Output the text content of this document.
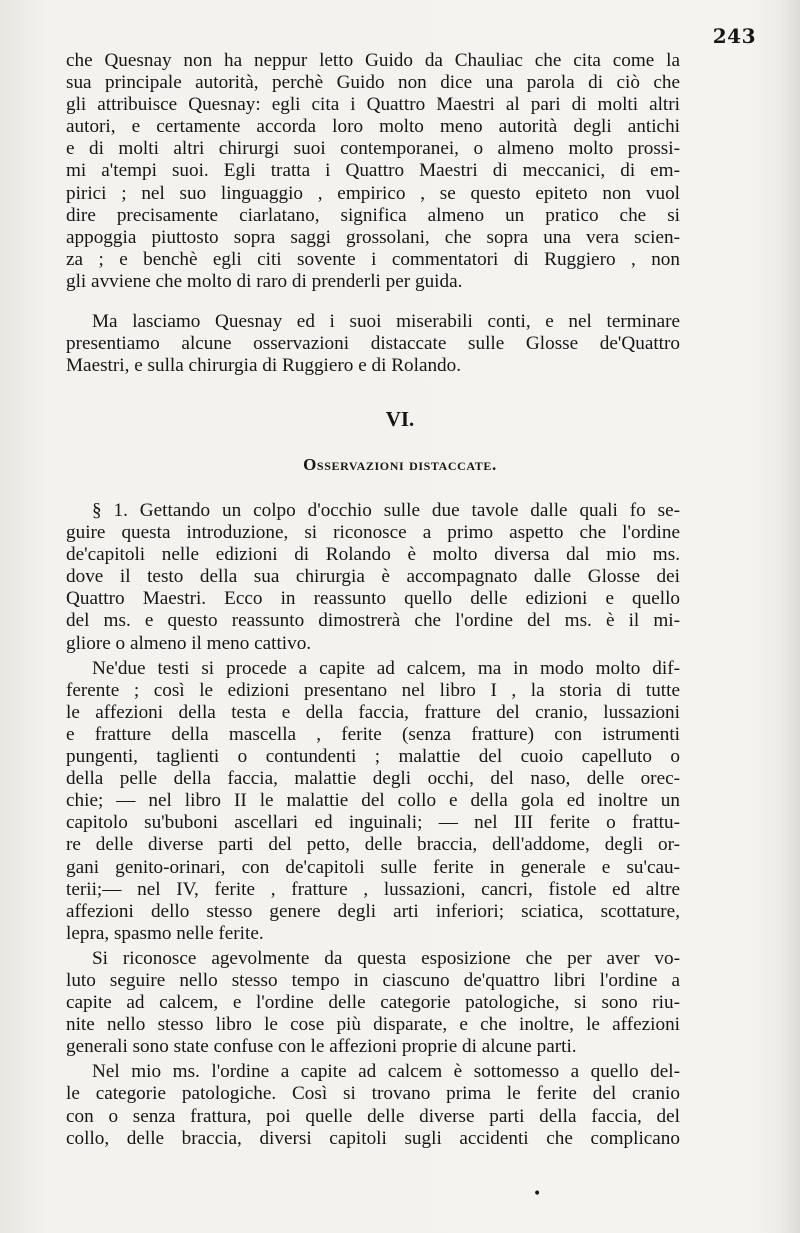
243
che Quesnay non ha neppur letto Guido da Chauliac che cita come la
sua principale autorità, perchè Guido non dice una parola di ciò che
gli attribuisce Quesnay: egli cita i Quattro Maestri al pari di molti altri
autori, e certamente accorda loro molto meno autorità degli antichi
e di molti altri chirurgi suoi contemporanei, o almeno molto prossi-
mi a'tempi suoi. Egli tratta i Quattro Maestri di meccanici, di em-
pirici ; nel suo linguaggio , empirico , se questo epiteto non vuol
dire precisamente ciarlatano, significa almeno un pratico che si
appoggia piuttosto sopra saggi grossolani, che sopra una vera scien-
za ; e benchè egli citi sovente i commentatori di Ruggiero , non
gli avviene che molto di raro di prenderli per guida.
Ma lasciamo Quesnay ed i suoi miserabili conti, e nel terminare
presentiamo alcune osservazioni distaccate sulle Glosse de'Quattro
Maestri, e sulla chirurgia di Ruggiero e di Rolando.
VI.
Osservazioni distaccate.
§ 1. Gettando un colpo d'occhio sulle due tavole dalle quali fo se-
guire questa introduzione, si riconosce a primo aspetto che l'ordine
de'capitoli nelle edizioni di Rolando è molto diversa dal mio ms.
dove il testo della sua chirurgia è accompagnato dalle Glosse dei
Quattro Maestri. Ecco in reassunto quello delle edizioni e quello
del ms. e questo reassunto dimostrerà che l'ordine del ms. è il mi-
gliore o almeno il meno cattivo.
Ne'due testi si procede a capite ad calcem, ma in modo molto dif-
ferente ; così le edizioni presentano nel libro I , la storia di tutte
le affezioni della testa e della faccia, fratture del cranio, lussazioni
e fratture della mascella , ferite (senza fratture) con istrumenti
pungenti, taglienti o contundenti ; malattie del cuoio capelluto o
della pelle della faccia, malattie degli occhi, del naso, delle orec-
chie; — nel libro II le malattie del collo e della gola ed inoltre un
capitolo su'buboni ascellari ed inguinali; — nel III ferite o frattu-
re delle diverse parti del petto, delle braccia, dell'addome, degli or-
gani genito-orinari, con de'capitoli sulle ferite in generale e su'cau-
terii;— nel IV, ferite , fratture , lussazioni, cancri, fistole ed altre
affezioni dello stesso genere degli arti inferiori; sciatica, scottature,
lepra, spasmo nelle ferite.
Si riconosce agevolmente da questa esposizione che per aver vo-
luto seguire nello stesso tempo in ciascuno de'quattro libri l'ordine a
capite ad calcem, e l'ordine delle categorie patologiche, si sono riu-
nite nello stesso libro le cose più disparate, e che inoltre, le affezioni
generali sono state confuse con le affezioni proprie di alcune parti.
Nel mio ms. l'ordine a capite ad calcem è sottomesso a quello del-
le categorie patologiche. Così si trovano prima le ferite del cranio
con o senza frattura, poi quelle delle diverse parti della faccia, del
collo, delle braccia, diversi capitoli sugli accidenti che complicano
•
